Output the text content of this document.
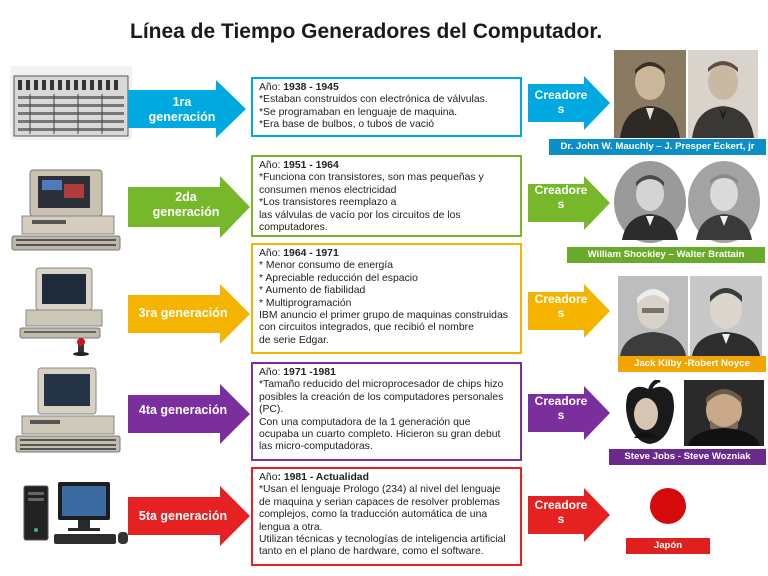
Línea de Tiempo Generadores del Computador.
1ra
generación
Año: 1938 - 1945
*Estaban construidos con electrónica de válvulas.
*Se programaban en lenguaje de maquina.
*Era base de bulbos, o tubos de vació
Creadore
s
Dr. John W. Mauchly – J. Presper Eckert, jr
2da
generación
Año: 1951 - 1964
*Funciona con transistores, son mas pequeñas y
consumen menos electricidad
*Los transistores reemplazo a
las válvulas de vacío por los circuitos de los
computadores.
Creadore
s
William Shockley – Walter Brattain
3ra generación
Año: 1964 - 1971
* Menor consumo de energía
* Apreciable reducción del espacio
* Aumento de fiabilidad
* Multiprogramación
IBM anuncio el primer grupo de maquinas construidas
con circuitos integrados, que recibió el nombre
de serie Edgar.
Creadore
s
Jack Kilby -Robert Noyce
4ta generación
Año: 1971 -1981
*Tamaño reducido del microprocesador de chips hizo
posibles la creación de los computadores personales
(PC).
Con una computadora de la 1 generación que
ocupaba un cuarto completo. Hicieron su gran debut
las micro-computadoras.
Creadore
s
Steve Jobs - Steve Wozniak
5ta generación
Año: 1981 - Actualidad
*Usan el lenguaje Prologo (234) al nivel del lenguaje
de maquina y serian capaces de resolver problemas
complejos, como la traducción automática de una
lengua a otra.
Utilizan técnicas y tecnologías de inteligencia artificial
tanto en el plano de hardware, como el software.
Creadore
s
Japón
